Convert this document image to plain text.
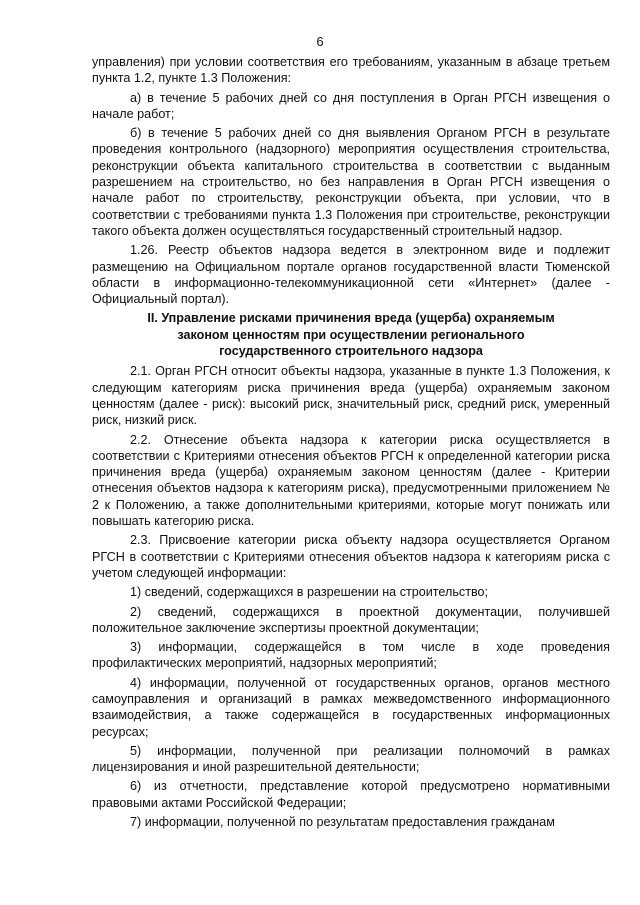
6

управления) при условии соответствия его требованиям, указанным в абзаце третьем пункта 1.2, пункте 1.3 Положения:

а) в течение 5 рабочих дней со дня поступления в Орган РГСН извещения о начале работ;

б) в течение 5 рабочих дней со дня выявления Органом РГСН в результате проведения контрольного (надзорного) мероприятия осуществления строительства, реконструкции объекта капитального строительства в соответствии с выданным разрешением на строительство, но без направления в Орган РГСН извещения о начале работ по строительству, реконструкции объекта, при условии, что в соответствии с требованиями пункта 1.3 Положения при строительстве, реконструкции такого объекта должен осуществляться государственный строительный надзор.

1.26. Реестр объектов надзора ведется в электронном виде и подлежит размещению на Официальном портале органов государственной власти Тюменской области в информационно-телекоммуникационной сети «Интернет» (далее - Официальный портал).

II. Управление рисками причинения вреда (ущерба) охраняемым
законом ценностям при осуществлении регионального
государственного строительного надзора

2.1. Орган РГСН относит объекты надзора, указанные в пункте 1.3 Положения, к следующим категориям риска причинения вреда (ущерба) охраняемым законом ценностям (далее - риск): высокий риск, значительный риск, средний риск, умеренный риск, низкий риск.

2.2. Отнесение объекта надзора к категории риска осуществляется в соответствии с Критериями отнесения объектов РГСН к определенной категории риска причинения вреда (ущерба) охраняемым законом ценностям (далее - Критерии отнесения объектов надзора к категориям риска), предусмотренными приложением № 2 к Положению, а также дополнительными критериями, которые могут понижать или повышать категорию риска.

2.3. Присвоение категории риска объекту надзора осуществляется Органом РГСН в соответствии с Критериями отнесения объектов надзора к категориям риска с учетом следующей информации:

1) сведений, содержащихся в разрешении на строительство;

2) сведений, содержащихся в проектной документации, получившей положительное заключение экспертизы проектной документации;

3) информации, содержащейся в том числе в ходе проведения профилактических мероприятий, надзорных мероприятий;

4) информации, полученной от государственных органов, органов местного самоуправления и организаций в рамках межведомственного информационного взаимодействия, а также содержащейся в государственных информационных ресурсах;

5) информации, полученной при реализации полномочий в рамках лицензирования и иной разрешительной деятельности;

6) из отчетности, представление которой предусмотрено нормативными правовыми актами Российской Федерации;

7) информации, полученной по результатам предоставления гражданам
